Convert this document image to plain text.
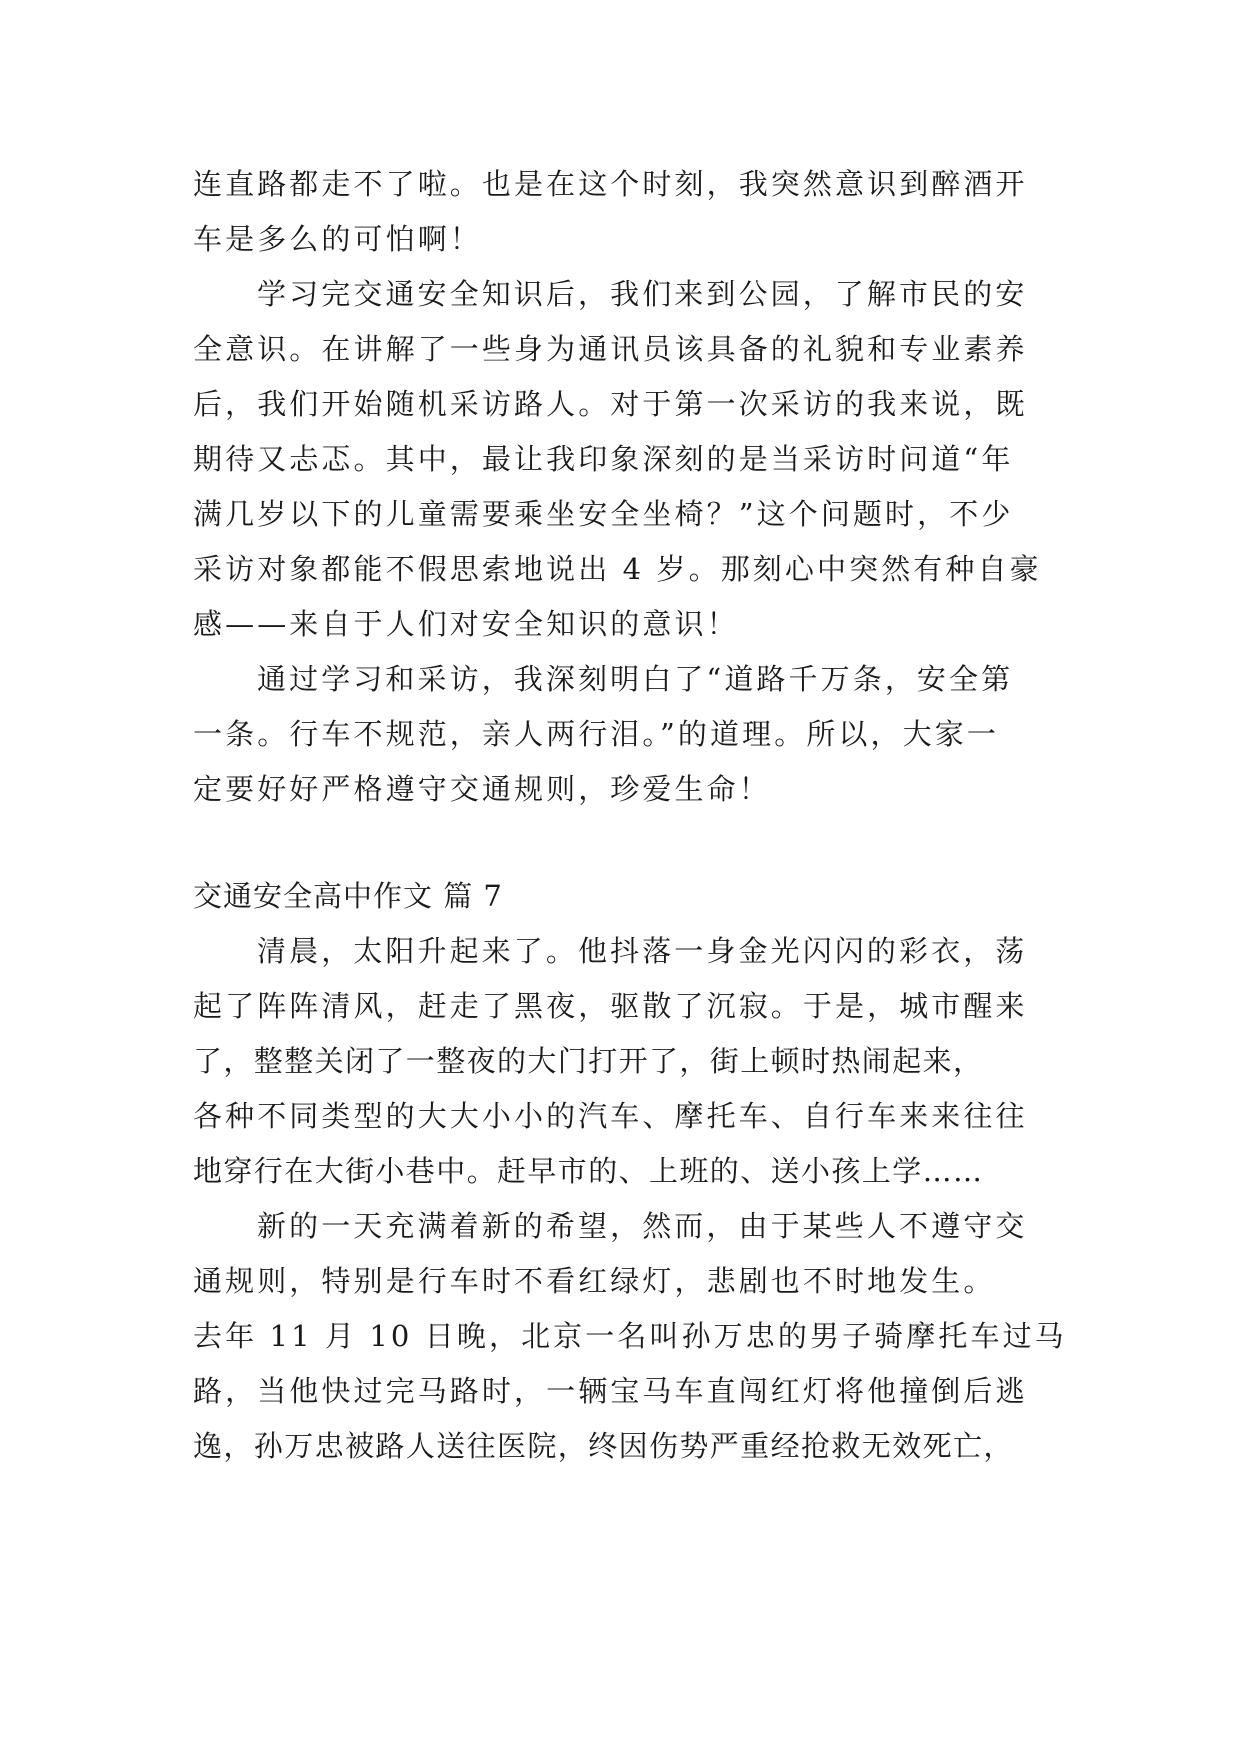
连直路都走不了啦。也是在这个时刻，我突然意识到醉酒开
车是多么的可怕啊！
学习完交通安全知识后，我们来到公园，了解市民的安
全意识。在讲解了一些身为通讯员该具备的礼貌和专业素养
后，我们开始随机采访路人。对于第一次采访的我来说，既
期待又忐忑。其中，最让我印象深刻的是当采访时问道“年
满几岁以下的儿童需要乘坐安全坐椅？”这个问题时，不少
采访对象都能不假思索地说出 4 岁。那刻心中突然有种自豪
感——来自于人们对安全知识的意识！
通过学习和采访，我深刻明白了“道路千万条，安全第
一条。行车不规范，亲人两行泪。”的道理。所以，大家一
定要好好严格遵守交通规则，珍爱生命！
交通安全高中作文 篇 7
清晨，太阳升起来了。他抖落一身金光闪闪的彩衣，荡
起了阵阵清风，赶走了黑夜，驱散了沉寂。于是，城市醒来
了，整整关闭了一整夜的大门打开了，街上顿时热闹起来，
各种不同类型的大大小小的汽车、摩托车、自行车来来往往
地穿行在大街小巷中。赶早市的、上班的、送小孩上学……
新的一天充满着新的希望，然而，由于某些人不遵守交
通规则，特别是行车时不看红绿灯，悲剧也不时地发生。
去年 11 月 10 日晚，北京一名叫孙万忠的男子骑摩托车过马
路，当他快过完马路时，一辆宝马车直闯红灯将他撞倒后逃
逸，孙万忠被路人送往医院，终因伤势严重经抢救无效死亡，
